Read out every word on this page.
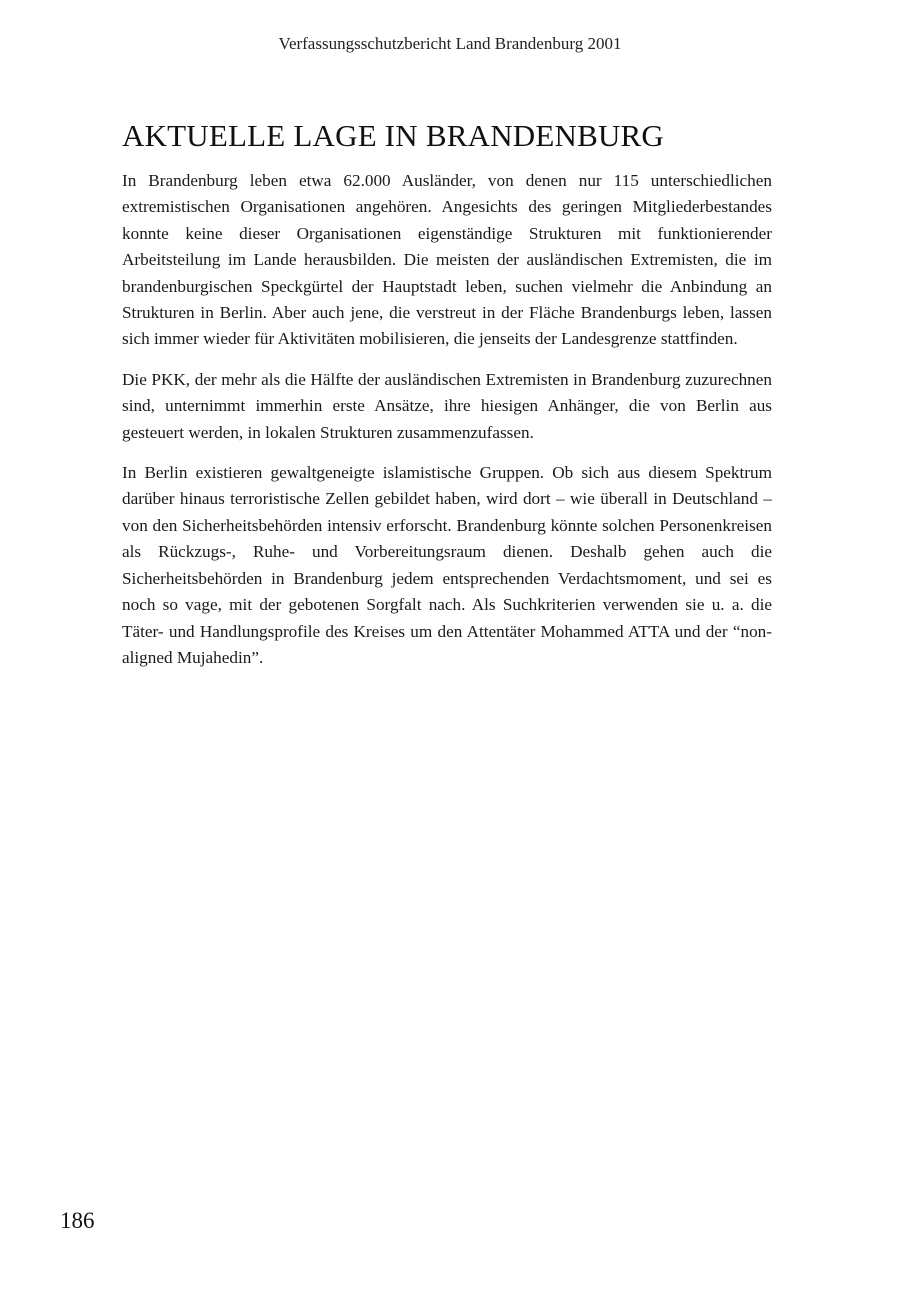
Verfassungsschutzbericht Land Brandenburg 2001
AKTUELLE LAGE IN BRANDENBURG

In Brandenburg leben etwa 62.000 Ausländer, von denen nur 115 unterschiedlichen extremistischen Organisationen angehören. Angesichts des geringen Mitgliederbestandes konnte keine dieser Organisationen eigenständige Strukturen mit funktionierender Arbeitsteilung im Lande herausbilden. Die meisten der ausländischen Extremisten, die im brandenburgischen Speckgürtel der Hauptstadt leben, suchen vielmehr die Anbindung an Strukturen in Berlin. Aber auch jene, die verstreut in der Fläche Brandenburgs leben, lassen sich immer wieder für Aktivitäten mobilisieren, die jenseits der Landesgrenze stattfinden.

Die PKK, der mehr als die Hälfte der ausländischen Extremisten in Brandenburg zuzurechnen sind, unternimmt immerhin erste Ansätze, ihre hiesigen Anhänger, die von Berlin aus gesteuert werden, in lokalen Strukturen zusammenzufassen.

In Berlin existieren gewaltgeneigte islamistische Gruppen. Ob sich aus diesem Spektrum darüber hinaus terroristische Zellen gebildet haben, wird dort – wie überall in Deutschland – von den Sicherheitsbehörden intensiv erforscht. Brandenburg könnte solchen Personenkreisen als Rückzugs-, Ruhe- und Vorbereitungsraum dienen. Deshalb gehen auch die Sicherheitsbehörden in Brandenburg jedem entsprechenden Verdachtsmoment, und sei es noch so vage, mit der gebotenen Sorgfalt nach. Als Suchkriterien verwenden sie u. a. die Täter- und Handlungsprofile des Kreises um den Attentäter Mohammed ATTA und der “non-aligned Mujahedin”.

186
